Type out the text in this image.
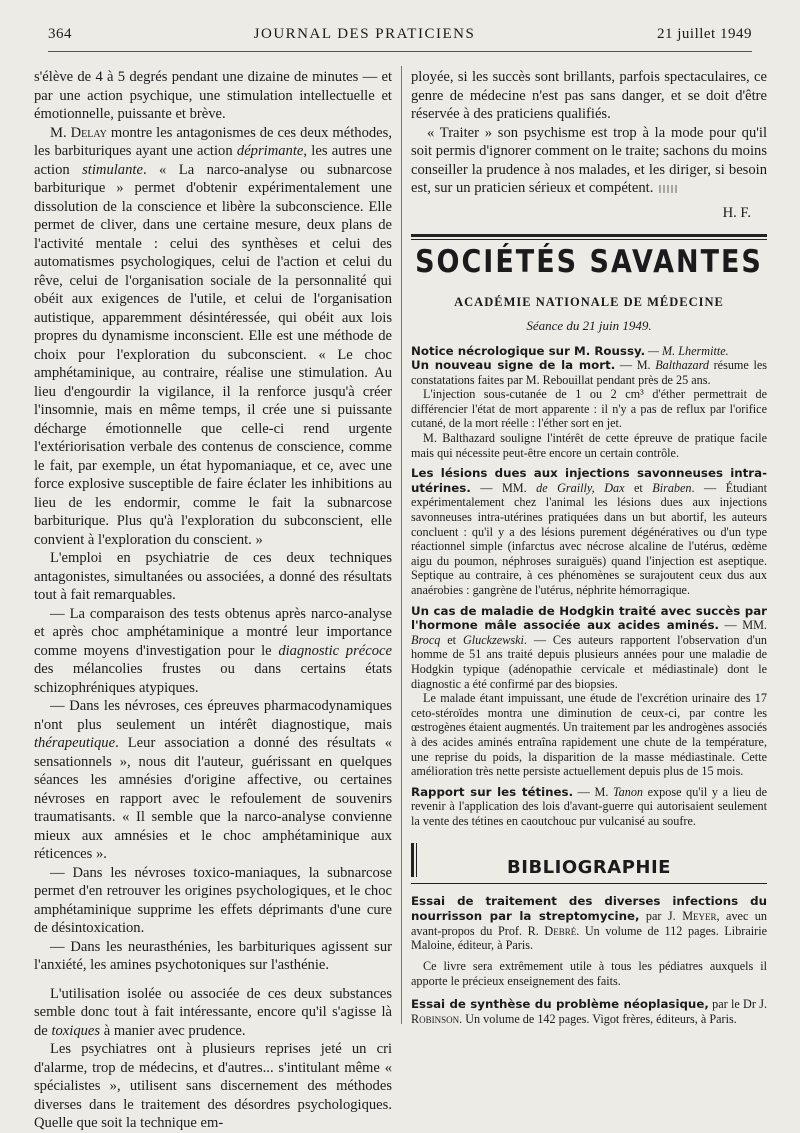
364	JOURNAL DES PRATICIENS	21 juillet 1949

s'élève de 4 à 5 degrés pendant une dizaine de minutes — et par une action psychique, une stimulation intellectuelle et émotionnelle, puissante et brève.

M. Delay montre les antagonismes de ces deux méthodes, les barbituriques ayant une action déprimante, les autres une action stimulante. « La narco-analyse ou subnarcose barbiturique » permet d'obtenir expérimentalement une dissolution de la conscience et libère la subconscience. Elle permet de cliver, dans une certaine mesure, deux plans de l'activité mentale : celui des synthèses et celui des automatismes psychologiques, celui de l'action et celui du rêve, celui de l'organisation sociale de la personnalité qui obéit aux exigences de l'utile, et celui de l'organisation autistique, apparemment désintéressée, qui obéit aux lois propres du dynamisme inconscient. Elle est une méthode de choix pour l'exploration du subconscient. « Le choc amphétaminique, au contraire, réalise une stimulation. Au lieu d'engourdir la vigilance, il la renforce jusqu'à créer l'insomnie, mais en même temps, il crée une si puissante décharge émotionnelle que celle-ci rend urgente l'extériorisation verbale des contenus de conscience, comme le fait, par exemple, un état hypomaniaque, et ce, avec une force explosive susceptible de faire éclater les inhibitions au lieu de les endormir, comme le fait la subnarcose barbiturique. Plus qu'à l'exploration du subconscient, elle convient à l'exploration du conscient. »

L'emploi en psychiatrie de ces deux techniques antagonistes, simultanées ou associées, a donné des résultats tout à fait remarquables.

— La comparaison des tests obtenus après narco-analyse et après choc amphétaminique a montré leur importance comme moyens d'investigation pour le diagnostic précoce des mélancolies frustes ou dans certains états schizophréniques atypiques.

— Dans les névroses, ces épreuves pharmacodynamiques n'ont plus seulement un intérêt diagnostique, mais thérapeutique. Leur association a donné des résultats « sensationnels », nous dit l'auteur, guérissant en quelques séances les amnésies d'origine affective, ou certaines névroses en rapport avec le refoulement de souvenirs traumatisants. « Il semble que la narco-analyse convienne mieux aux amnésies et le choc amphétaminique aux réticences ».

— Dans les névroses toxico-maniaques, la subnarcose permet d'en retrouver les origines psychologiques, et le choc amphétaminique supprime les effets déprimants d'une cure de désintoxication.

— Dans les neurasthénies, les barbituriques agissent sur l'anxiété, les amines psychotoniques sur l'asthénie.

L'utilisation isolée ou associée de ces deux substances semble donc tout à fait intéressante, encore qu'il s'agisse là de toxiques à manier avec prudence.

Les psychiatres ont à plusieurs reprises jeté un cri d'alarme, trop de médecins, et d'autres... s'intitulant même « spécialistes », utilisent sans discernement des méthodes diverses dans le traitement des désordres psychologiques. Quelle que soit la technique em-

ployée, si les succès sont brillants, parfois spectaculaires, ce genre de médecine n'est pas sans danger, et se doit d'être réservée à des praticiens qualifiés.

« Traiter » son psychisme est trop à la mode pour qu'il soit permis d'ignorer comment on le traite; sachons du moins conseiller la prudence à nos malades, et les diriger, si besoin est, sur un praticien sérieux et compétent.

H. F.
SOCIÉTÉS SAVANTES
ACADÉMIE NATIONALE DE MÉDECINE
Séance du 21 juin 1949.

Notice nécrologique sur M. Roussy. — M. Lhermitte.

Un nouveau signe de la mort. — M. Balthazard résume les constatations faites par M. Rebouillat pendant près de 25 ans.

L'injection sous-cutanée de 1 ou 2 cm³ d'éther permettrait de différencier l'état de mort apparente : il n'y a pas de reflux par l'orifice cutané, de la mort réelle : l'éther sort en jet.

M. Balthazard souligne l'intérêt de cette épreuve de pratique facile mais qui nécessite peut-être encore un certain contrôle.

Les lésions dues aux injections savonneuses intra-utérines. — MM. de Grailly, Dax et Biraben. — Étudiant expérimentalement chez l'animal les lésions dues aux injections savonneuses intra-utérines pratiquées dans un but abortif, les auteurs concluent : qu'il y a des lésions purement dégénératives ou d'un type réactionnel simple (infarctus avec nécrose alcaline de l'utérus, œdème aigu du poumon, néphroses suraiguës) quand l'injection est aseptique. Septique au contraire, à ces phénomènes se surajoutent ceux dus aux anaérobies : gangrène de l'utérus, néphrite hémorragique.

Un cas de maladie de Hodgkin traité avec succès par l'hormone mâle associée aux acides aminés. — MM. Brocq et Gluckzewski. — Ces auteurs rapportent l'observation d'un homme de 51 ans traité depuis plusieurs années pour une maladie de Hodgkin typique (adénopathie cervicale et médiastinale) dont le diagnostic a été confirmé par des biopsies.

Le malade étant impuissant, une étude de l'excrétion urinaire des 17 ceto-stéroïdes montra une diminution de ceux-ci, par contre les œstrogènes étaient augmentés. Un traitement par les androgènes associés à des acides aminés entraîna rapidement une chute de la température, une reprise du poids, la disparition de la masse médiastinale. Cette amélioration très nette persiste actuellement depuis plus de 15 mois.

Rapport sur les tétines. — M. Tanon expose qu'il y a lieu de revenir à l'application des lois d'avant-guerre qui autorisaient seulement la vente des tétines en caoutchouc pur vulcanisé au soufre.

BIBLIOGRAPHIE

Essai de traitement des diverses infections du nourrisson par la streptomycine, par J. Meyer, avec un avant-propos du Prof. R. Debré. Un volume de 112 pages. Librairie Maloine, éditeur, à Paris.

Ce livre sera extrêmement utile à tous les pédiatres auxquels il apporte le précieux enseignement des faits.

Essai de synthèse du problème néoplasique, par le Dr J. Robinson. Un volume de 142 pages. Vigot frères, éditeurs, à Paris.
